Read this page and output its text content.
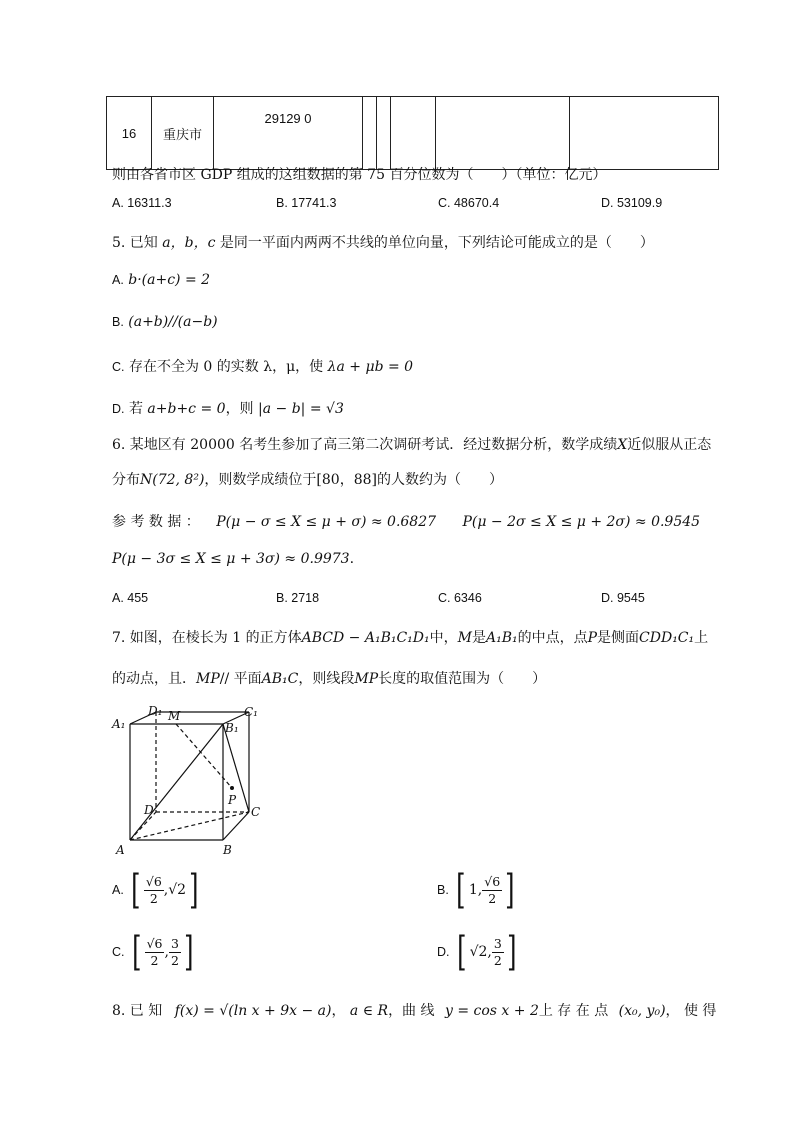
16	重庆市	29129 0					
则由各省市区 GDP 组成的这组数据的第 75 百分位数为（　　）（单位：亿元）
A. 16311.3	B. 17741.3	C. 48670.4	D. 53109.9
5. 已知 a，b，c 是同一平面内两两不共线的单位向量，下列结论可能成立的是（　　）
A. b·(a+c) = 2
B. (a+b)//(a−b)
C. 存在不全为 0 的实数 λ，μ，使 λa + μb = 0
D. 若 a+b+c = 0，则 |a − b| = √3
6. 某地区有 20000 名考生参加了高三第二次调研考试．经过数据分析，数学成绩X近似服从正态
分布N(72, 8²)，则数学成绩位于[80，88]的人数约为（　　）
参 考 数 据 ： P(μ − σ ≤ X ≤ μ + σ) ≈ 0.6827 P(μ − 2σ ≤ X ≤ μ + 2σ) ≈ 0.9545
P(μ − 3σ ≤ X ≤ μ + 3σ) ≈ 0.9973.
A. 455	B. 2718	C. 6346	D. 9545
7. 如图，在棱长为 1 的正方体ABCD − A₁B₁C₁D₁中，M是A₁B₁的中点，点P是侧面CDD₁C₁上
的动点，且．MP// 平面AB₁C，则线段MP长度的取值范围为（　　）
D₁	C₁
A₁	B₁
M
P
D	C
A	B
A. [ $\frac{√6}{2} ,√2$]	B. [ 1, $\frac{√6}{2}$ ]
C. [ $\frac{√6}{2}$ , $\frac{3}{2}$ ]	D. [ √2, $\frac{3}{2}$ ]
8. 已 知 f(x) = √(ln x + 9x − a)， a ∈ R，曲 线 y = cos x + 2上 存 在 点 (x₀, y₀)， 使 得
